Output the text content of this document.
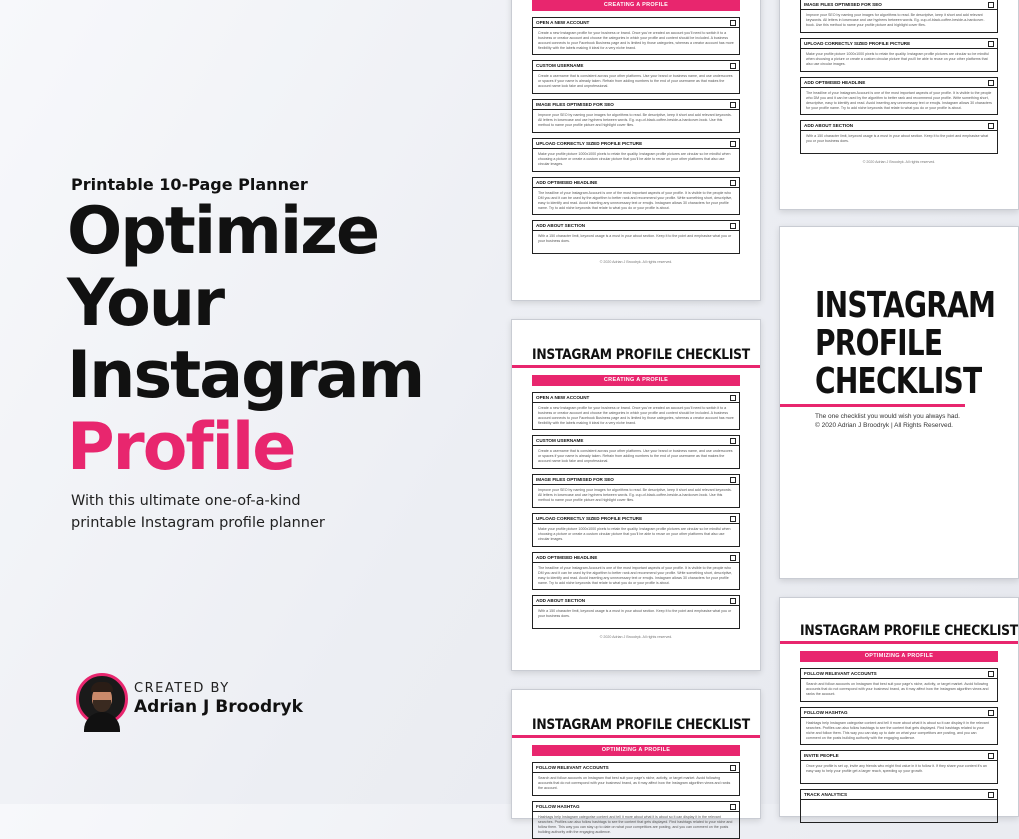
Printable 10-Page Planner
Optimize
Your
Instagram
Profile
With this ultimate one-of-a-kind
printable Instagram profile planner
CREATED BY
Adrian J Broodryk
CREATING A PROFILE
OPEN A NEW ACCOUNT
Create a new Instagram profile for your business or brand. Once you've created an account you'll need to switch it to a business or creator account and choose the categories in which your profile and content should be included. A business account connects to your Facebook Business page and is limited by those categories, whereas a creator account has more flexibility with the labels making it ideal for a very niche brand.
CUSTOM USERNAME
Create a username that is consistent across your other platforms. Use your brand or business name, and use underscores or spaces if your name is already taken. Refrain from adding numbers to the end of your username as that makes the account name look fake and unprofessional.
IMAGE FILES OPTIMISED FOR SEO
Improve your SEO by naming your images for algorithms to read. Be descriptive, keep it short and add relevant keywords. All letters in lowercase and use hyphens between words. Eg. cup-of-black-coffee-beside-a-hardcover-book. Use this method to name your profile picture and highlight cover files.
UPLOAD CORRECTLY SIZED PROFILE PICTURE
Make your profile picture 1000x1000 pixels to retain the quality. Instagram profile pictures are circular so be mindful when choosing a picture or create a custom circular picture that you'll be able to reuse on your other platforms that also use circular images.
ADD OPTIMISED HEADLINE
The headline of your Instagram Account is one of the most important aspects of your profile. It is visible to the people who DM you and it can be used by the algorithm to better rank and recommend your profile. Write something short, descriptive, easy to identify and read. Avoid inserting any unnecessary text or emojis. Instagram allows 30 characters for your profile name. Try to add niche keywords that relate to what you do or your profile is about.
ADD ABOUT SECTION
With a 150 character limit, keyword usage is a must in your about section. Keep it to the point and emphasise what you or your business does.
© 2020 Adrian J Broodryk. All rights reserved.
IMAGE FILES OPTIMISED FOR SEO
Improve your SEO by naming your images for algorithms to read. Be descriptive, keep it short and add relevant keywords. All letters in lowercase and use hyphens between words. Eg. cup-of-black-coffee-beside-a-hardcover-book. Use this method to name your profile picture and highlight cover files.
UPLOAD CORRECTLY SIZED PROFILE PICTURE
Make your profile picture 1000x1000 pixels to retain the quality. Instagram profile pictures are circular so be mindful when choosing a picture or create a custom circular picture that you'll be able to reuse on your other platforms that also use circular images.
ADD OPTIMISED HEADLINE
The headline of your Instagram Account is one of the most important aspects of your profile. It is visible to the people who DM you and it can be used by the algorithm to better rank and recommend your profile. Write something short, descriptive, easy to identify and read. Avoid inserting any unnecessary text or emojis. Instagram allows 30 characters for your profile name. Try to add niche keywords that relate to what you do or your profile is about.
ADD ABOUT SECTION
With a 150 character limit, keyword usage is a must in your about section. Keep it to the point and emphasise what you or your business does.
© 2020 Adrian J Broodryk. All rights reserved.
INSTAGRAM PROFILE CHECKLIST
CREATING A PROFILE
OPEN A NEW ACCOUNT
Create a new Instagram profile for your business or brand. Once you've created an account you'll need to switch it to a business or creator account and choose the categories in which your profile and content should be included. A business account connects to your Facebook Business page and is limited by those categories, whereas a creator account has more flexibility with the labels making it ideal for a very niche brand.
CUSTOM USERNAME
Create a username that is consistent across your other platforms. Use your brand or business name, and use underscores or spaces if your name is already taken. Refrain from adding numbers to the end of your username as that makes the account name look fake and unprofessional.
IMAGE FILES OPTIMISED FOR SEO
Improve your SEO by naming your images for algorithms to read. Be descriptive, keep it short and add relevant keywords. All letters in lowercase and use hyphens between words. Eg. cup-of-black-coffee-beside-a-hardcover-book. Use this method to name your profile picture and highlight cover files.
UPLOAD CORRECTLY SIZED PROFILE PICTURE
Make your profile picture 1000x1000 pixels to retain the quality. Instagram profile pictures are circular so be mindful when choosing a picture or create a custom circular picture that you'll be able to reuse on your other platforms that also use circular images.
ADD OPTIMISED HEADLINE
The headline of your Instagram Account is one of the most important aspects of your profile. It is visible to the people who DM you and it can be used by the algorithm to better rank and recommend your profile. Write something short, descriptive, easy to identify and read. Avoid inserting any unnecessary text or emojis. Instagram allows 30 characters for your profile name. Try to add niche keywords that relate to what you do or your profile is about.
ADD ABOUT SECTION
With a 150 character limit, keyword usage is a must in your about section. Keep it to the point and emphasise what you or your business does.
© 2020 Adrian J Broodryk. All rights reserved.
INSTAGRAM
PROFILE
CHECKLIST
The one checklist you would wish you always had.
© 2020 Adrian J Broodryk | All Rights Reserved.
INSTAGRAM PROFILE CHECKLIST
OPTIMIZING A PROFILE
FOLLOW RELEVANT ACCOUNTS
Search and follow accounts on Instagram that best suit your page's niche, activity, or target market. Avoid following accounts that do not correspond with your business/ brand, as it may affect how the Instagram algorithm views and ranks the account.
FOLLOW HASHTAG
Hashtags help Instagram categorise content and tell it more about what it is about so it can display it in the relevant searches. Profiles can also follow hashtags to see the content that gets displayed. Find hashtags related to your niche and follow them. This way you can stay up to date on what your competitors are posting, and you can comment on the posts building authority with the engaging audience.
INSTAGRAM PROFILE CHECKLIST
OPTIMIZING A PROFILE
FOLLOW RELEVANT ACCOUNTS
Search and follow accounts on Instagram that best suit your page's niche, activity, or target market. Avoid following accounts that do not correspond with your business/ brand, as it may affect how the Instagram algorithm views and ranks the account.
FOLLOW HASHTAG
Hashtags help Instagram categorise content and tell it more about what it is about so it can display it in the relevant searches. Profiles can also follow hashtags to see the content that gets displayed. Find hashtags related to your niche and follow them. This way you can stay up to date on what your competitors are posting, and you can comment on the posts building authority with the engaging audience.
INVITE PEOPLE
Once your profile is set up, invite any friends who might find value in it to follow it. If they share your content it's an easy way to help your profile get a larger reach, speeding up your growth.
TRACK ANALYTICS
